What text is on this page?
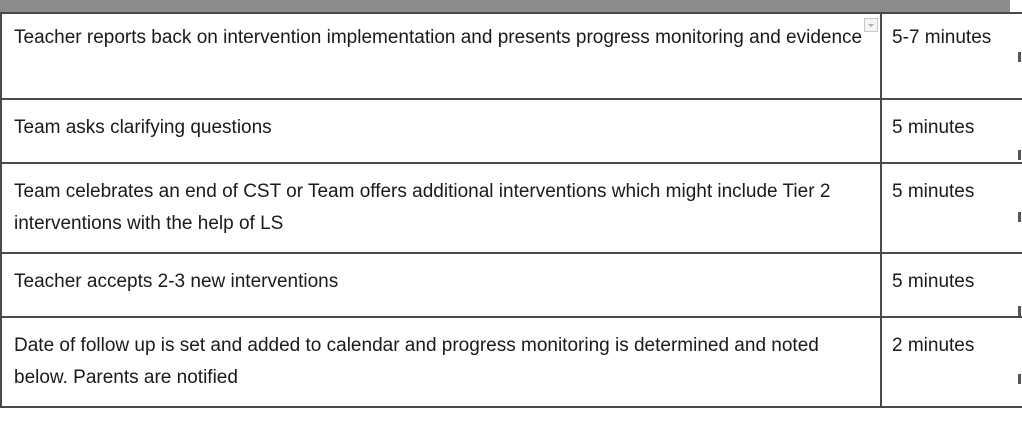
Teacher reports back on intervention implementation and presents progress monitoring and evidence	5-7 minutes
Team asks clarifying questions	5 minutes
Team celebrates an end of CST or Team offers additional interventions which might include Tier 2 interventions with the help of LS	5 minutes
Teacher accepts 2-3 new interventions	5 minutes
Date of follow up is set and added to calendar and progress monitoring is determined and noted below. Parents are notified	2 minutes
